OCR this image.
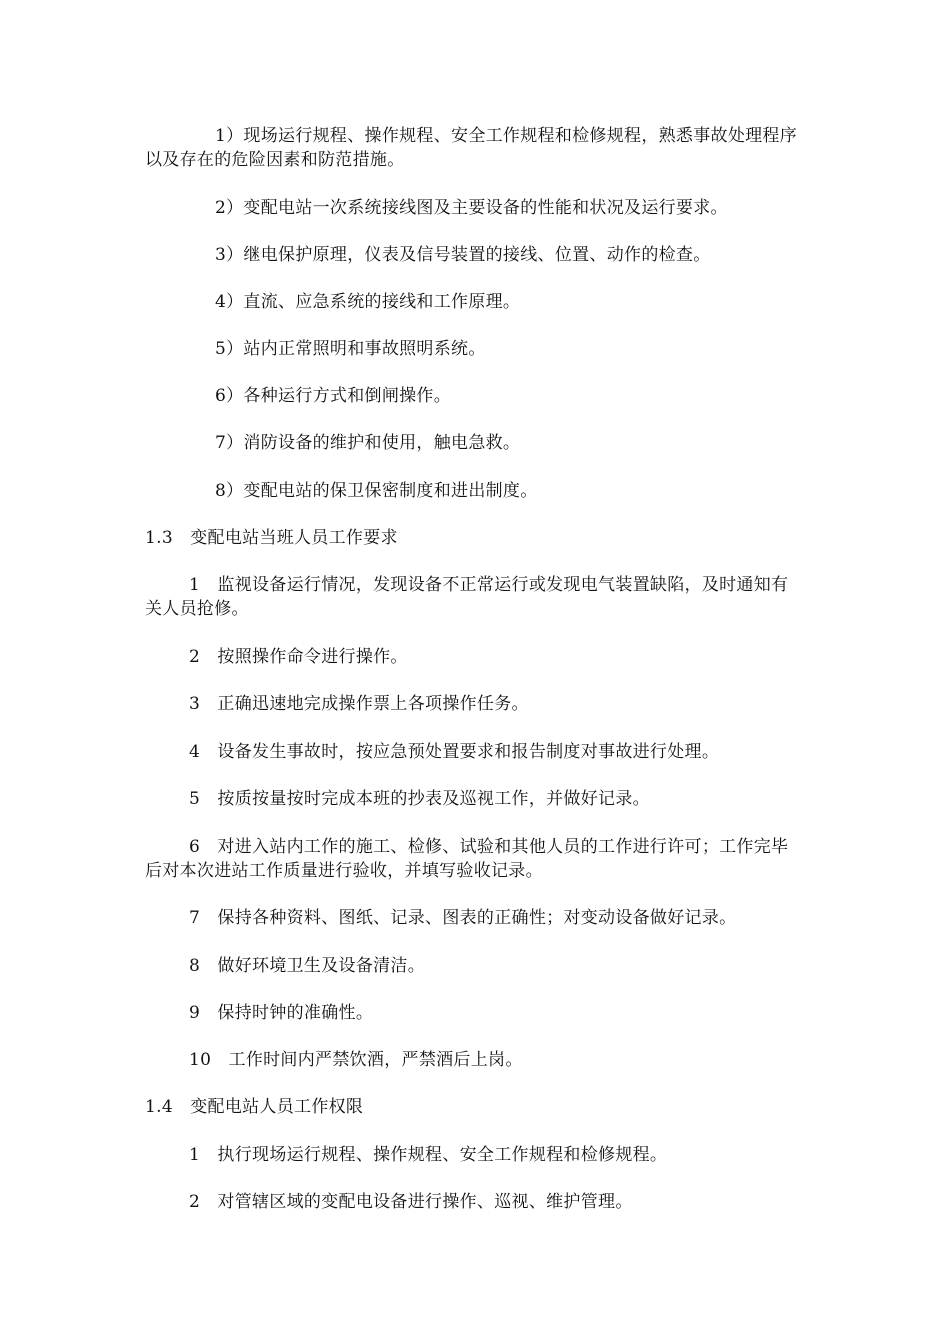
1）现场运行规程、操作规程、安全工作规程和检修规程，熟悉事故处理程序以及存在的危险因素和防范措施。
2）变配电站一次系统接线图及主要设备的性能和状况及运行要求。
3）继电保护原理，仪表及信号装置的接线、位置、动作的检查。
4）直流、应急系统的接线和工作原理。
5）站内正常照明和事故照明系统。
6）各种运行方式和倒闸操作。
7）消防设备的维护和使用，触电急救。
8）变配电站的保卫保密制度和进出制度。
1.3　变配电站当班人员工作要求
1　监视设备运行情况，发现设备不正常运行或发现电气装置缺陷，及时通知有关人员抢修。
2　按照操作命令进行操作。
3　正确迅速地完成操作票上各项操作任务。
4　设备发生事故时，按应急预处置要求和报告制度对事故进行处理。
5　按质按量按时完成本班的抄表及巡视工作，并做好记录。
6　对进入站内工作的施工、检修、试验和其他人员的工作进行许可；工作完毕后对本次进站工作质量进行验收，并填写验收记录。
7　保持各种资料、图纸、记录、图表的正确性；对变动设备做好记录。
8　做好环境卫生及设备清洁。
9　保持时钟的准确性。
10　工作时间内严禁饮酒，严禁酒后上岗。
1.4　变配电站人员工作权限
1　执行现场运行规程、操作规程、安全工作规程和检修规程。
2　对管辖区域的变配电设备进行操作、巡视、维护管理。
